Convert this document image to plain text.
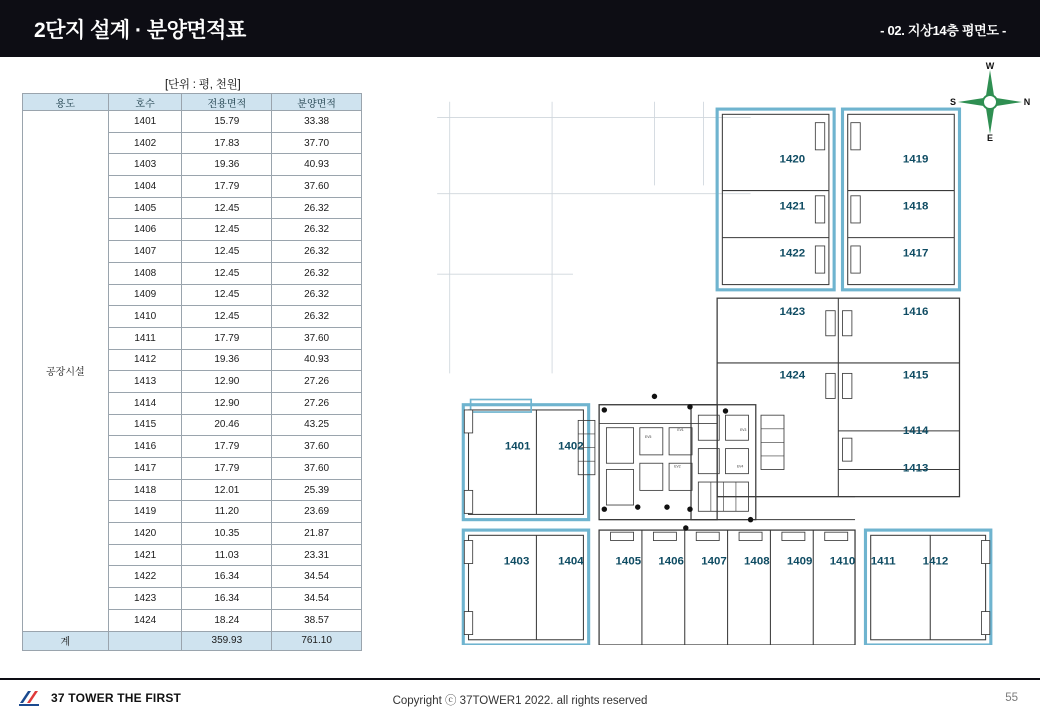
2단지 설계 · 분양면적표	- 02. 지상14층 평면도 -
[단위 : 평, 천원]
용도	호수	전용면적	분양면적
공장시설	1401	15.79	33.38
	1402	17.83	37.70
	1403	19.36	40.93
	1404	17.79	37.60
	1405	12.45	26.32
	1406	12.45	26.32
	1407	12.45	26.32
	1408	12.45	26.32
	1409	12.45	26.32
	1410	12.45	26.32
	1411	17.79	37.60
	1412	19.36	40.93
	1413	12.90	27.26
	1414	12.90	27.26
	1415	20.46	43.25
	1416	17.79	37.60
	1417	17.79	37.60
	1418	12.01	25.39
	1419	11.20	23.69
	1420	10.35	21.87
	1421	11.03	23.31
	1422	16.34	34.54
	1423	16.34	34.54
	1424	18.24	38.57
계		359.93	761.10
W
E
S	N
1420
1421
1422
1423
1424
1419
1418
1417
1416
1415
1414
1413
1401	1402
1403	1404	1405 1406 1407 1408 1409 1410 1411 1412
EV1
EV2
EV3
EV4
EV5
37 TOWER THE FIRST	Copyright ⓒ 37TOWER1 2022. all rights reserved	55
